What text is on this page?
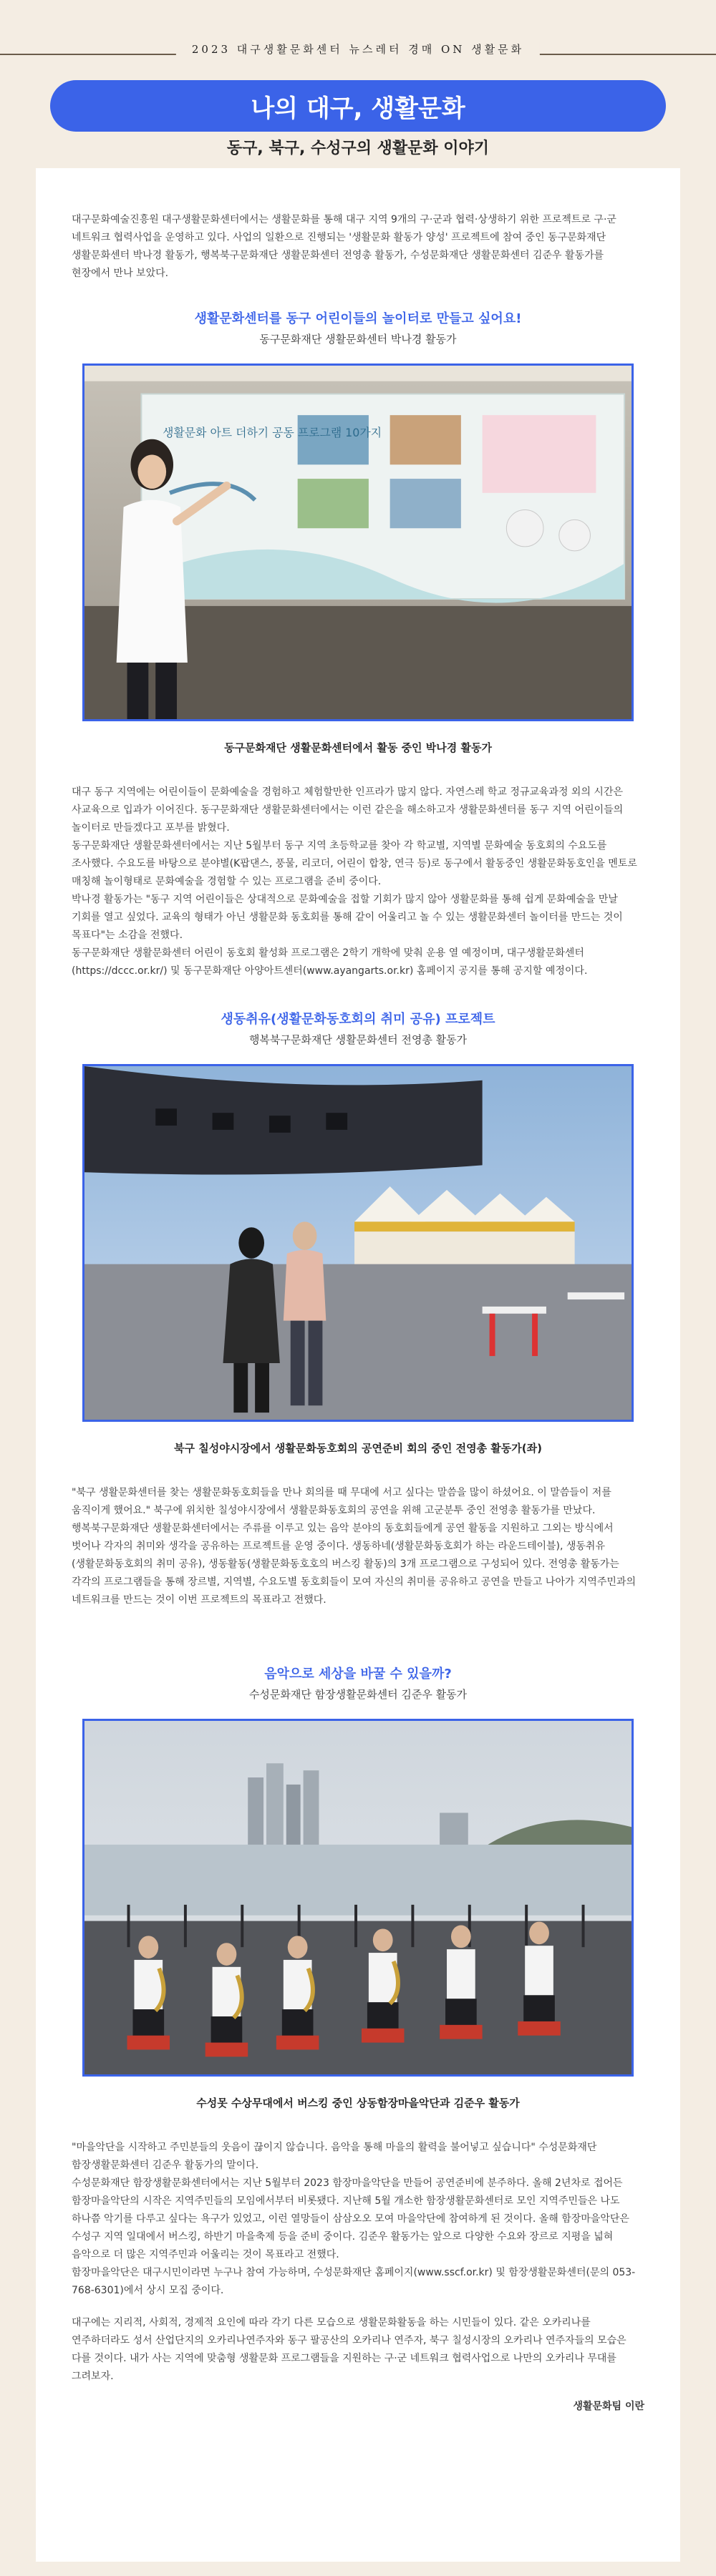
2023 대구생활문화센터 뉴스레터 경매 ON 생활문화
나의 대구, 생활문화
동구, 북구, 수성구의 생활문화 이야기

대구문화예술진흥원 대구생활문화센터에서는 생활문화를 통해 대구 지역 9개의 구·군과 협력·상생하기 위한 프로젝트로 구·군 네트워크 협력사업을 운영하고 있다. 사업의 일환으로 진행되는 '생활문화 활동가 양성' 프로젝트에 참여 중인 동구문화재단 생활문화센터 박나경 활동가, 행복북구문화재단 생활문화센터 전영총 활동가, 수성문화재단 생활문화센터 김준우 활동가를 현장에서 만나 보았다.

생활문화센터를 동구 어린이들의 놀이터로 만들고 싶어요!

동구문화재단 생활문화센터 박나경 활동가

생활문화 아트 더하기 공동 프로그램 10가지

동구문화재단 생활문화센터에서 활동 중인 박나경 활동가

대구 동구 지역에는 어린이들이 문화예술을 경험하고 체험할만한 인프라가 많지 않다. 자연스레 학교 정규교육과정 외의 시간은 사교육으로 입과가 이어진다. 동구문화재단 생활문화센터에서는 이런 같은을 해소하고자 생활문화센터를 동구 지역 어린이들의 놀이터로 만들겠다고 포부를 밝혔다.

동구문화재단 생활문화센터에서는 지난 5월부터 동구 지역 초등학교를 찾아 각 학교별, 지역별 문화예술 동호회의 수요도를 조사했다. 수요도를 바탕으로 분야별(K팝댄스, 풍물, 리코더, 어린이 합창, 연극 등)로 동구에서 활동중인 생활문화동호인을 멘토로 매칭해 놀이형태로 문화예술을 경험할 수 있는 프로그램을 준비 중이다.

박나경 활동가는 "동구 지역 어린이들은 상대적으로 문화예술을 접할 기회가 많지 않아 생활문화를 통해 쉽게 문화예술을 만날 기회를 열고 싶었다. 교육의 형태가 아닌 생활문화 동호회를 통해 같이 어울리고 놀 수 있는 생활문화센터 놀이터를 만드는 것이 목표다"는 소감을 전했다.

동구문화재단 생활문화센터 어린이 동호회 활성화 프로그램은 2학기 개학에 맞춰 운용 열 예정이며, 대구생활문화센터(https://dccc.or.kr/) 및 동구문화재단 아양아트센터(www.ayangarts.or.kr) 홈페이지 공지를 통해 공지할 예정이다.

생동취유(생활문화동호회의 취미 공유) 프로젝트

행복북구문화재단 생활문화센터 전영총 활동가

북구 칠성야시장에서 생활문화동호회의 공연준비 회의 중인 전영총 활동가(좌)

"북구 생활문화센터를 찾는 생활문화동호회들을 만나 회의를 때 무대에 서고 싶다는 말씀을 많이 하셨어요. 이 말씀들이 저를 움직이게 했어요." 북구에 위치한 칠성야시장에서 생활문화동호회의 공연을 위해 고군분투 중인 전영총 활동가를 만났다.

행복북구문화재단 생활문화센터에서는 주류를 이루고 있는 음악 분야의 동호회들에게 공연 활동을 지원하고 그외는 방식에서 벗어나 각자의 취미와 생각을 공유하는 프로젝트를 운영 중이다. 생동하네(생활문화동호회가 하는 라운드테이블), 생동취유(생활문화동호회의 취미 공유), 생동활동(생활문화동호호의 버스킹 활동)의 3개 프로그램으로 구성되어 있다. 전영총 활동가는 각각의 프로그램들을 통해 장르별, 지역별, 수요도별 동호회들이 모여 자신의 취미를 공유하고 공연을 만들고 나아가 지역주민과의 네트워크를 만드는 것이 이번 프로젝트의 목표라고 전했다.

음악으로 세상을 바꿀 수 있을까?

수성문화재단 함장생활문화센터 김준우 활동가

수성못 수상무대에서 버스킹 중인 상동함장마을악단과 김준우 활동가

"마을악단을 시작하고 주민분들의 웃음이 끊이지 않습니다. 음악을 통해 마을의 활력을 불어넣고 싶습니다" 수성문화재단 함장생활문화센터 김준우 활동가의 말이다.

수성문화재단 함장생활문화센터에서는 지난 5월부터 2023 함장마을악단을 만들어 공연준비에 분주하다. 올해 2년차로 접어든 함장마을악단의 시작은 지역주민들의 모임에서부터 비롯됐다. 지난해 5월 개소한 함장생활문화센터로 모인 지역주민들은 나도 하나쯤 악기를 다루고 싶다는 욕구가 있었고, 이런 열망들이 삼삼오오 모여 마을악단에 참여하게 된 것이다. 올해 함장마을악단은 수성구 지역 일대에서 버스킹, 하반기 마을축제 등을 준비 중이다. 김준우 활동가는 앞으로 다양한 수요와 장르로 지평을 넓혀 음악으로 더 많은 지역주민과 어울리는 것이 목표라고 전했다.

함장마을악단은 대구시민이라면 누구나 참여 가능하며, 수성문화재단 홈페이지(www.sscf.or.kr) 및 함장생활문화센터(문의 053-768-6301)에서 상시 모집 중이다.

대구에는 지리적, 사회적, 경제적 요인에 따라 각기 다른 모습으로 생활문화활동을 하는 시민들이 있다. 같은 오카리나를 연주하더라도 성서 산업단지의 오카리나연주자와 동구 팔공산의 오카리나 연주자, 북구 칠성시장의 오카리나 연주자들의 모습은 다를 것이다. 내가 사는 지역에 맞춤형 생활문화 프로그램들을 지원하는 구·군 네트워크 협력사업으로 나만의 오카리나 무대를 그려보자.

생활문화팀 이란
